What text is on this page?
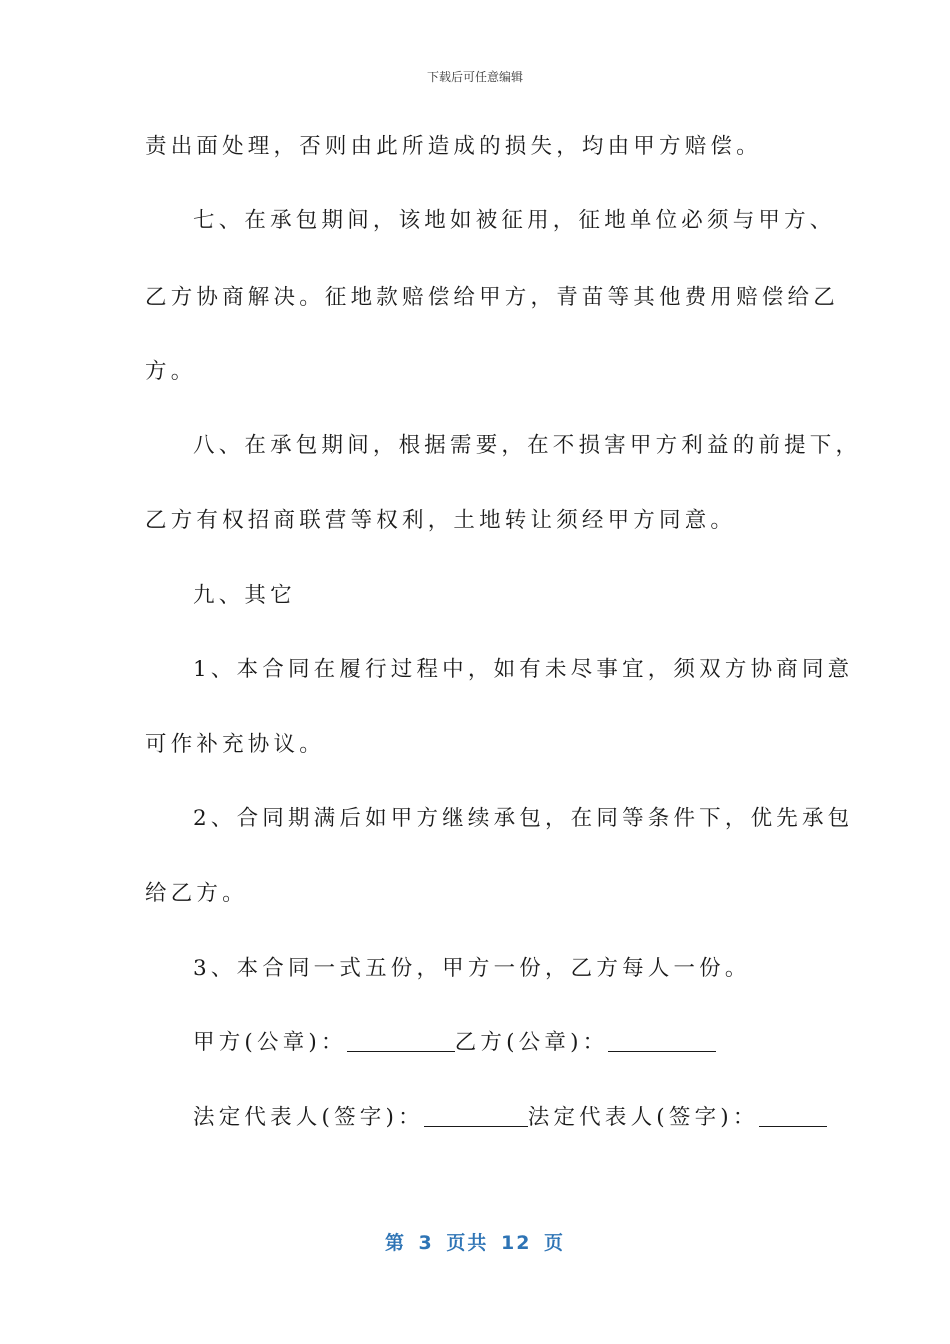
下载后可任意编辑
责出面处理，否则由此所造成的损失，均由甲方赔偿。
七、在承包期间，该地如被征用，征地单位必须与甲方、
乙方协商解决。征地款赔偿给甲方，青苗等其他费用赔偿给乙
方。
八、在承包期间，根据需要，在不损害甲方利益的前提下，
乙方有权招商联营等权利，土地转让须经甲方同意。
九、其它
1、本合同在履行过程中，如有未尽事宜，须双方协商同意
可作补充协议。
2、合同期满后如甲方继续承包，在同等条件下，优先承包
给乙方。
3、本合同一式五份，甲方一份，乙方每人一份。
甲方(公章)：	乙方(公章)：
法定代表人(签字)：	法定代表人(签字)：
第 3 页共 12 页
